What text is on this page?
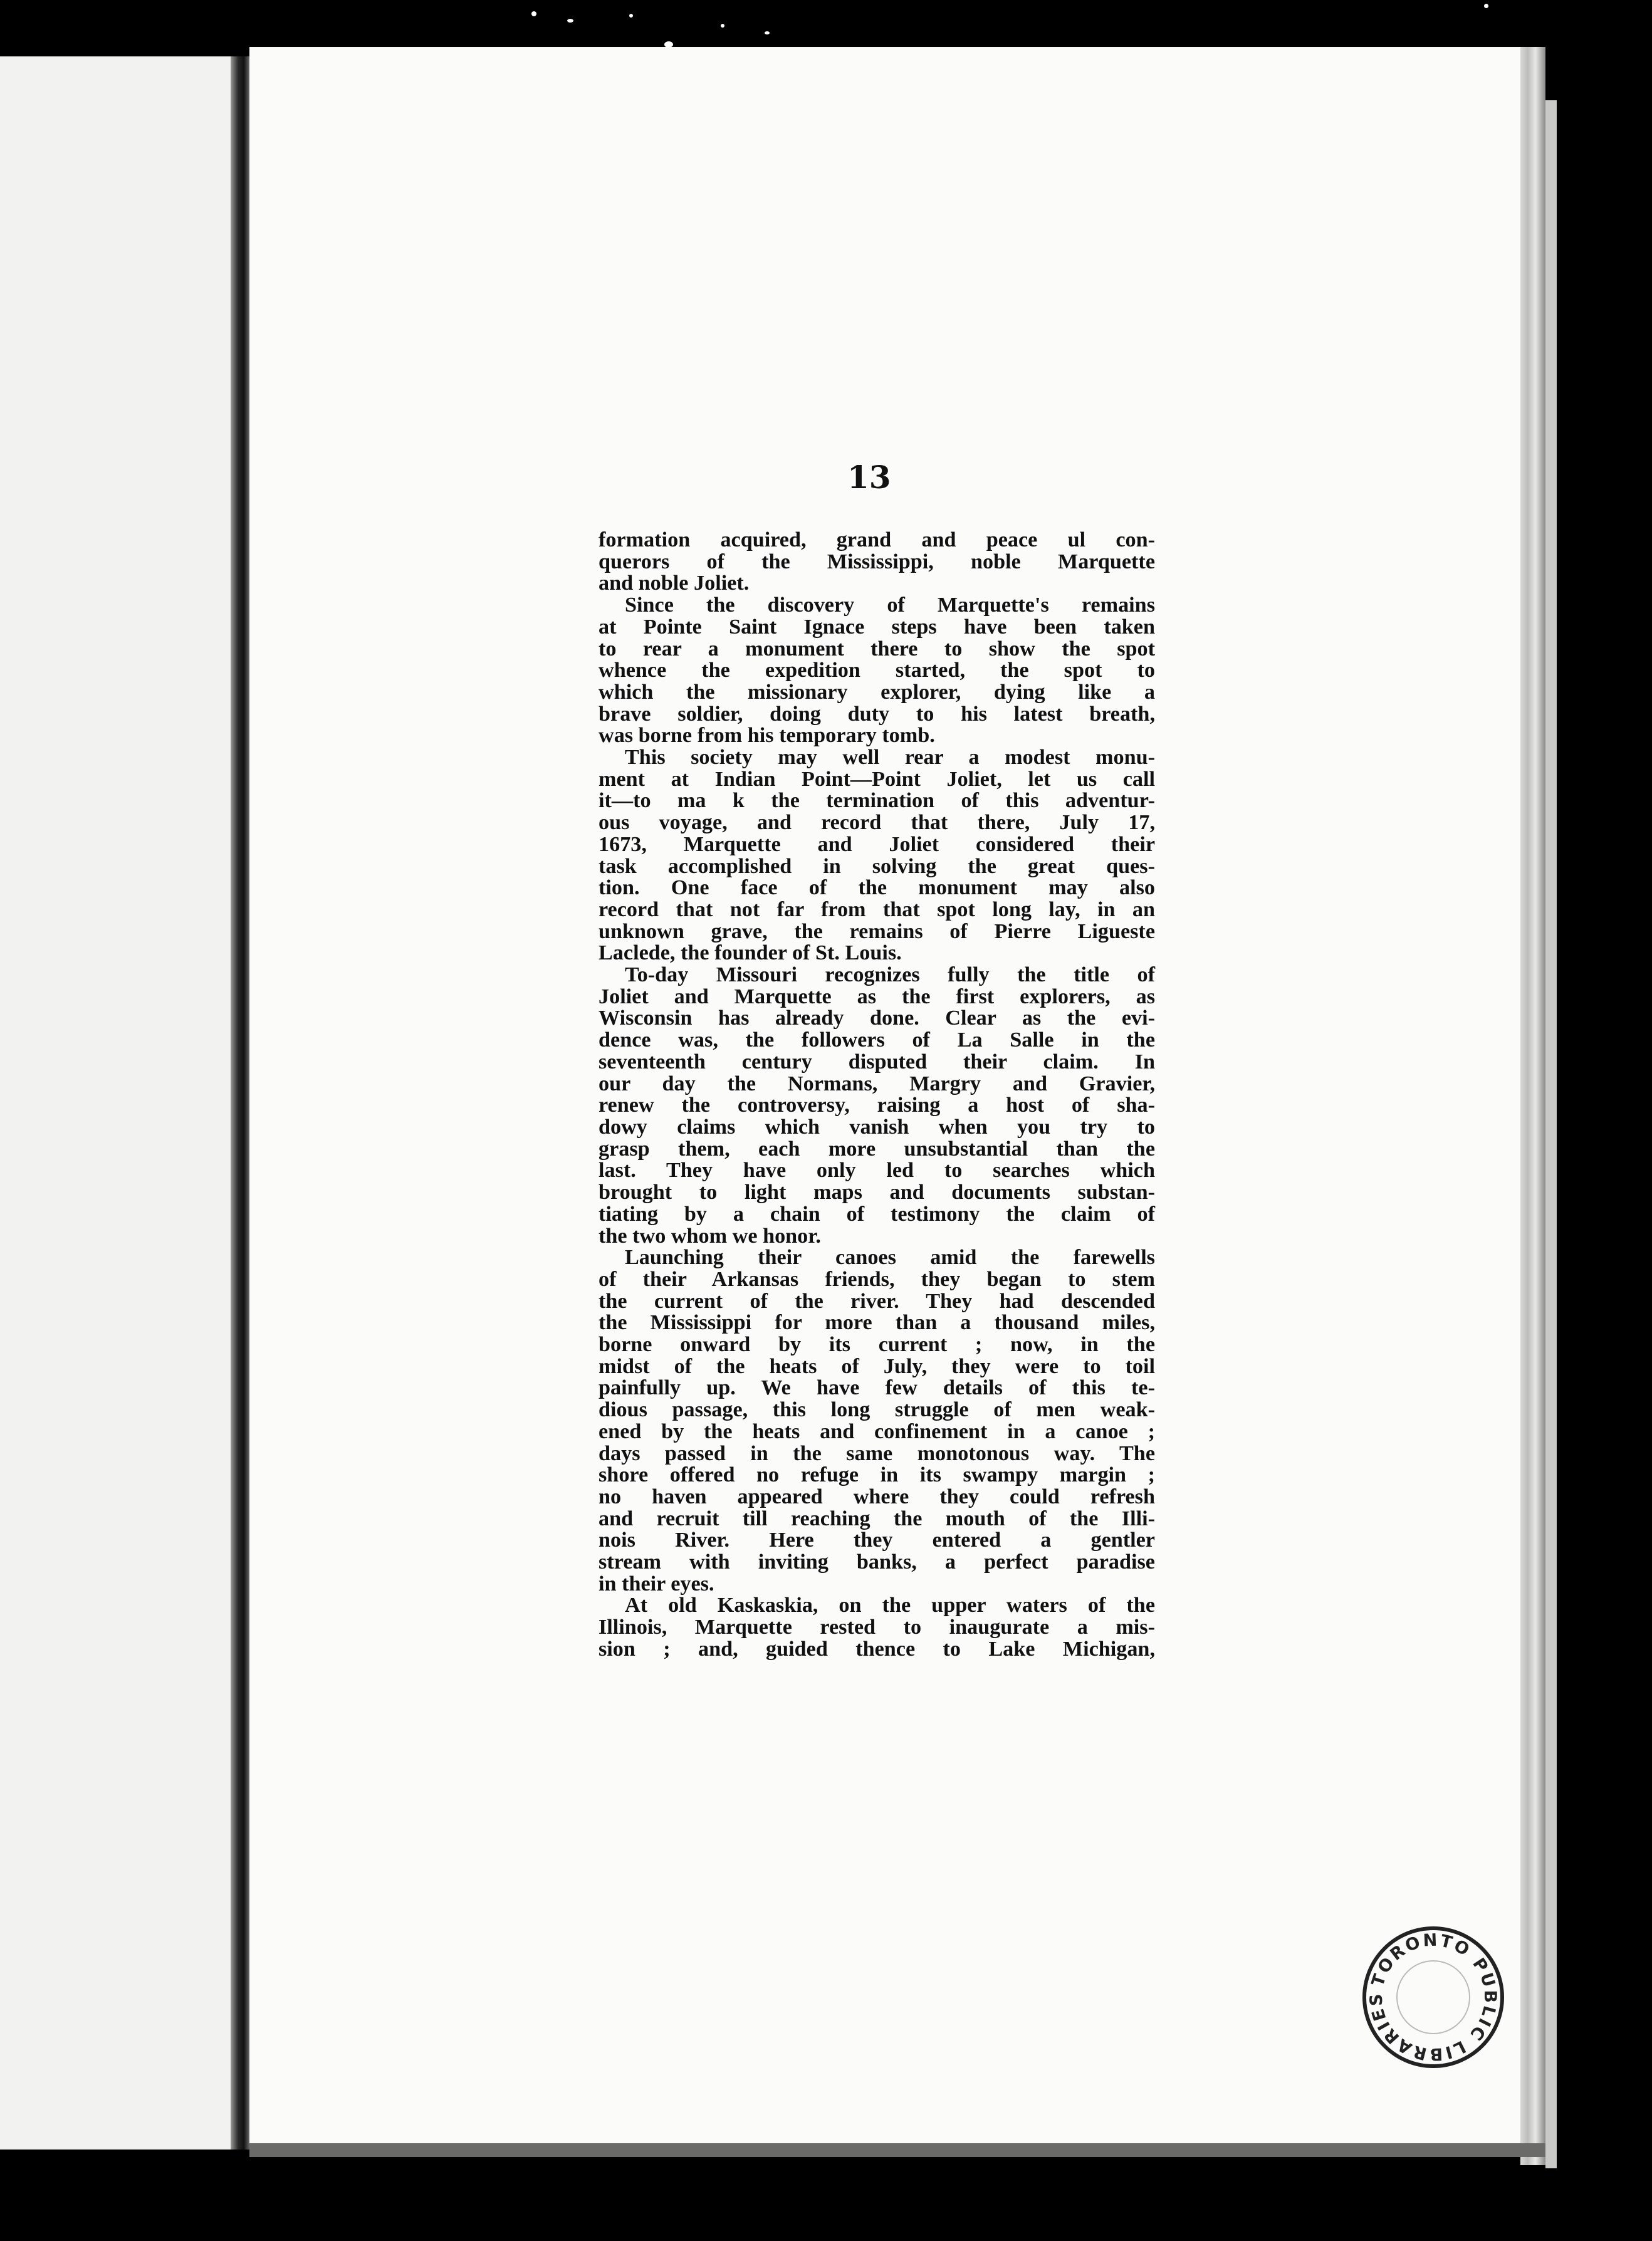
13

formation acquired, grand and peace ul con-

querors of the Mississippi, noble Marquette

and noble Joliet.

Since the discovery of Marquette's remains

at Pointe Saint Ignace steps have been taken

to rear a monument there to show the spot

whence the expedition started, the spot to

which the missionary explorer, dying like a

brave soldier, doing duty to his latest breath,

was borne from his temporary tomb.

This society may well rear a modest monu-

ment at Indian Point—Point Joliet, let us call

it—to ma k the termination of this adventur-

ous voyage, and record that there, July 17,

1673, Marquette and Joliet considered their

task accomplished in solving the great ques-

tion. One face of the monument may also

record that not far from that spot long lay, in an

unknown grave, the remains of Pierre Ligueste

Laclede, the founder of St. Louis.

To-day Missouri recognizes fully the title of

Joliet and Marquette as the first explorers, as

Wisconsin has already done. Clear as the evi-

dence was, the followers of La Salle in the

seventeenth century disputed their claim. In

our day the Normans, Margry and Gravier,

renew the controversy, raising a host of sha-

dowy claims which vanish when you try to

grasp them, each more unsubstantial than the

last. They have only led to searches which

brought to light maps and documents substan-

tiating by a chain of testimony the claim of

the two whom we honor.

Launching their canoes amid the farewells

of their Arkansas friends, they began to stem

the current of the river. They had descended

the Mississippi for more than a thousand miles,

borne onward by its current ; now, in the

midst of the heats of July, they were to toil

painfully up. We have few details of this te-

dious passage, this long struggle of men weak-

ened by the heats and confinement in a canoe ;

days passed in the same monotonous way. The

shore offered no refuge in its swampy margin ;

no haven appeared where they could refresh

and recruit till reaching the mouth of the Illi-

nois River. Here they entered a gentler

stream with inviting banks, a perfect paradise

in their eyes.

At old Kaskaskia, on the upper waters of the

Illinois, Marquette rested to inaugurate a mis-

sion ; and, guided thence to Lake Michigan,

TORONTO PUBLIC LIBRARIES
